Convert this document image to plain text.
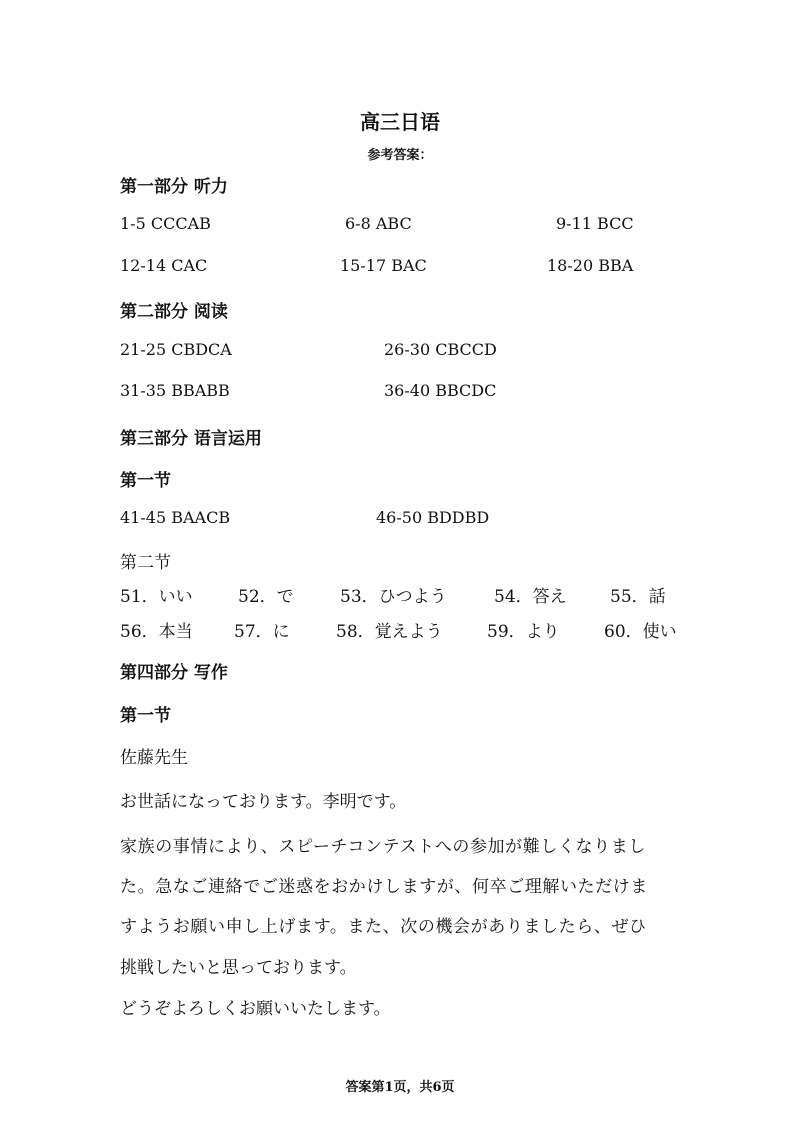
高三日语
参考答案：
第一部分 听力
1-5 CCCAB	6-8 ABC	9-11 BCC
12-14 CAC	15-17 BAC	18-20 BBA
第二部分 阅读
21-25 CBDCA	26-30 CBCCD
31-35 BBABB	36-40 BBCDC
第三部分 语言运用
第一节
41-45 BAACB	46-50 BDDBD
第二节
51．いい	52．で	53．ひつよう	54．答え	55．話
56．本当 57．に	58．覚えよう	59．より	60．使い
第四部分 写作
第一节
佐藤先生
お世話になっております。李明です。
家族の事情により、スピーチコンテストへの参加が難しくなりまし
た。急なご連絡でご迷惑をおかけしますが、何卒ご理解いただけま
すようお願い申し上げます。また、次の機会がありましたら、ぜひ
挑戦したいと思っております。
どうぞよろしくお願いいたします。
答案第1页，共6页
